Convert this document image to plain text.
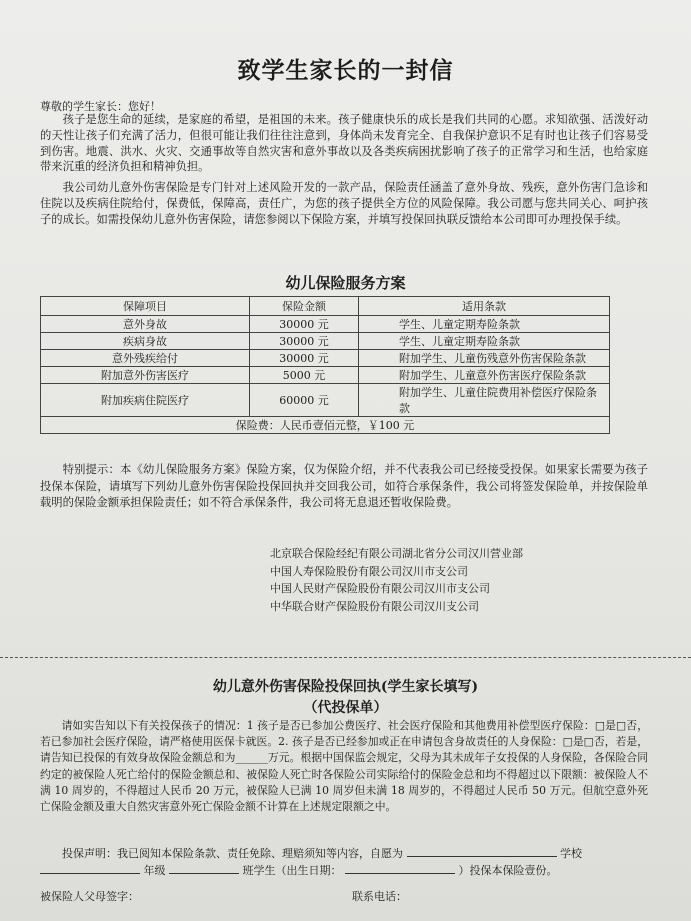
致学生家长的一封信
尊敬的学生家长：您好！

孩子是您生命的延续，是家庭的希望，是祖国的未来。孩子健康快乐的成长是我们共同的心愿。求知欲强、活泼好动的天性让孩子们充满了活力，但很可能让我们往往注意到，身体尚未发育完全、自我保护意识不足有时也让孩子们容易受到伤害。地震、洪水、火灾、交通事故等自然灾害和意外事故以及各类疾病困扰影响了孩子的正常学习和生活，也给家庭带来沉重的经济负担和精神负担。

我公司幼儿意外伤害保险是专门针对上述风险开发的一款产品，保险责任涵盖了意外身故、残疾，意外伤害门急诊和住院以及疾病住院给付，保费低，保障高，责任广，为您的孩子提供全方位的风险保障。我公司愿与您共同关心、呵护孩子的成长。如需投保幼儿意外伤害保险，请您参阅以下保险方案，并填写投保回执联反馈给本公司即可办理投保手续。

幼儿保险服务方案
保障项目	保险金额	适用条款
意外身故	30000 元	学生、儿童定期寿险条款
疾病身故	30000 元	学生、儿童定期寿险条款
意外残疾给付	30000 元	附加学生、儿童伤残意外伤害保险条款
附加意外伤害医疗	5000 元	附加学生、儿童意外伤害医疗保险条款
附加疾病住院医疗	60000 元	附加学生、儿童住院费用补偿医疗保险条款
保险费：人民币壹佰元整，￥100 元		

特别提示：本《幼儿保险服务方案》保险方案，仅为保险介绍，并不代表我公司已经接受投保。如果家长需要为孩子投保本保险，请填写下列幼儿意外伤害保险投保回执并交回我公司，如符合承保条件，我公司将签发保险单，并按保险单载明的保险金额承担保险责任；如不符合承保条件，我公司将无息退还暂收保险费。

北京联合保险经纪有限公司湖北省分公司汉川营业部
中国人寿保险股份有限公司汉川市支公司
中国人民财产保险股份有限公司汉川市支公司
中华联合财产保险股份有限公司汉川支公司
幼儿意外伤害保险投保回执(学生家长填写)
（代投保单）

请如实告知以下有关投保孩子的情况：1 孩子是否已参加公费医疗、社会医疗保险和其他费用补偿型医疗保险：□是□否，若已参加社会医疗保险，请严格使用医保卡就医。2. 孩子是否已经参加或正在申请包含身故责任的人身保险：□是□否，若是，请告知已投保的有效身故保险金额总和为______万元。根据中国保监会规定，父母为其未成年子女投保的人身保险，各保险合同约定的被保险人死亡给付的保险金额总和、被保险人死亡时各保险公司实际给付的保险金总和均不得超过以下限额：被保险人不满 10 周岁的，不得超过人民币 20 万元，被保险人已满 10 周岁但未满 18 周岁的，不得超过人民币 50 万元。但航空意外死亡保险金额及重大自然灾害意外死亡保险金额不计算在上述规定限额之中。

投保声明：我已阅知本保险条款、责任免除、理赔须知等内容，自愿为	学校
年级	班学生（出生日期：	）投保本保险壹份。
被保险人父母签字：	联系电话：
